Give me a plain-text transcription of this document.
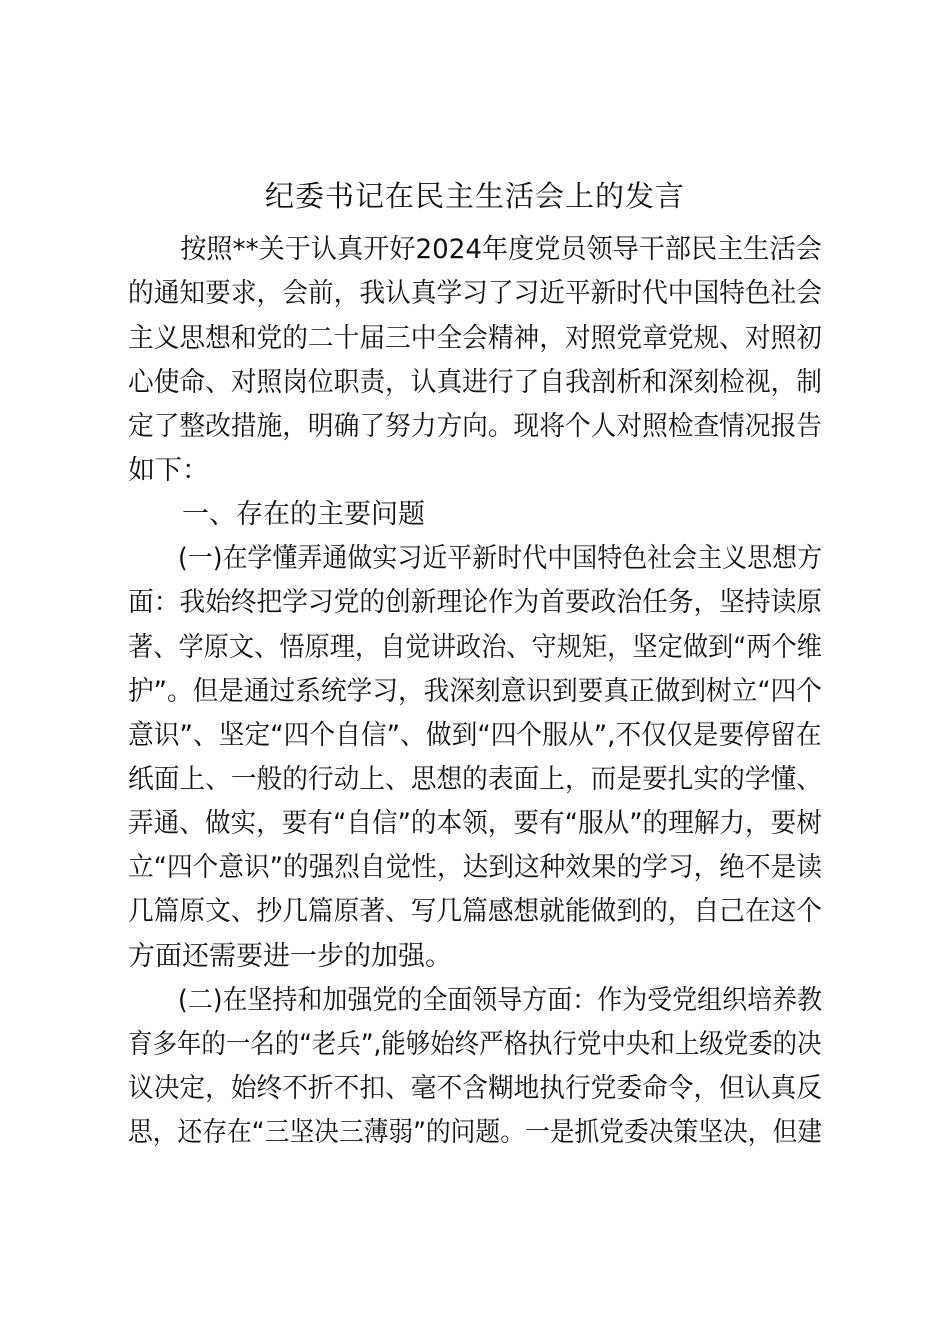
纪委书记在民主生活会上的发言
　　按照**关于认真开好2024年度党员领导干部民主生活会
的通知要求，会前，我认真学习了习近平新时代中国特色社会
主义思想和党的二十届三中全会精神，对照党章党规、对照初
心使命、对照岗位职责，认真进行了自我剖析和深刻检视，制
定了整改措施，明确了努力方向。现将个人对照检查情况报告
如下：
　　一、存在的主要问题
　　(一)在学懂弄通做实习近平新时代中国特色社会主义思想方
面：我始终把学习党的创新理论作为首要政治任务，坚持读原
著、学原文、悟原理，自觉讲政治、守规矩，坚定做到“两个维
护”。但是通过系统学习，我深刻意识到要真正做到树立“四个
意识”、坚定“四个自信”、做到“四个服从”,不仅仅是要停留在
纸面上、一般的行动上、思想的表面上，而是要扎实的学懂、
弄通、做实，要有“自信”的本领，要有“服从”的理解力，要树
立“四个意识”的强烈自觉性，达到这种效果的学习，绝不是读
几篇原文、抄几篇原著、写几篇感想就能做到的，自己在这个
方面还需要进一步的加强。
　　(二)在坚持和加强党的全面领导方面：作为受党组织培养教
育多年的一名的“老兵”,能够始终严格执行党中央和上级党委的决
议决定，始终不折不扣、毫不含糊地执行党委命令，但认真反
思，还存在“三坚决三薄弱”的问题。一是抓党委决策坚决，但建
